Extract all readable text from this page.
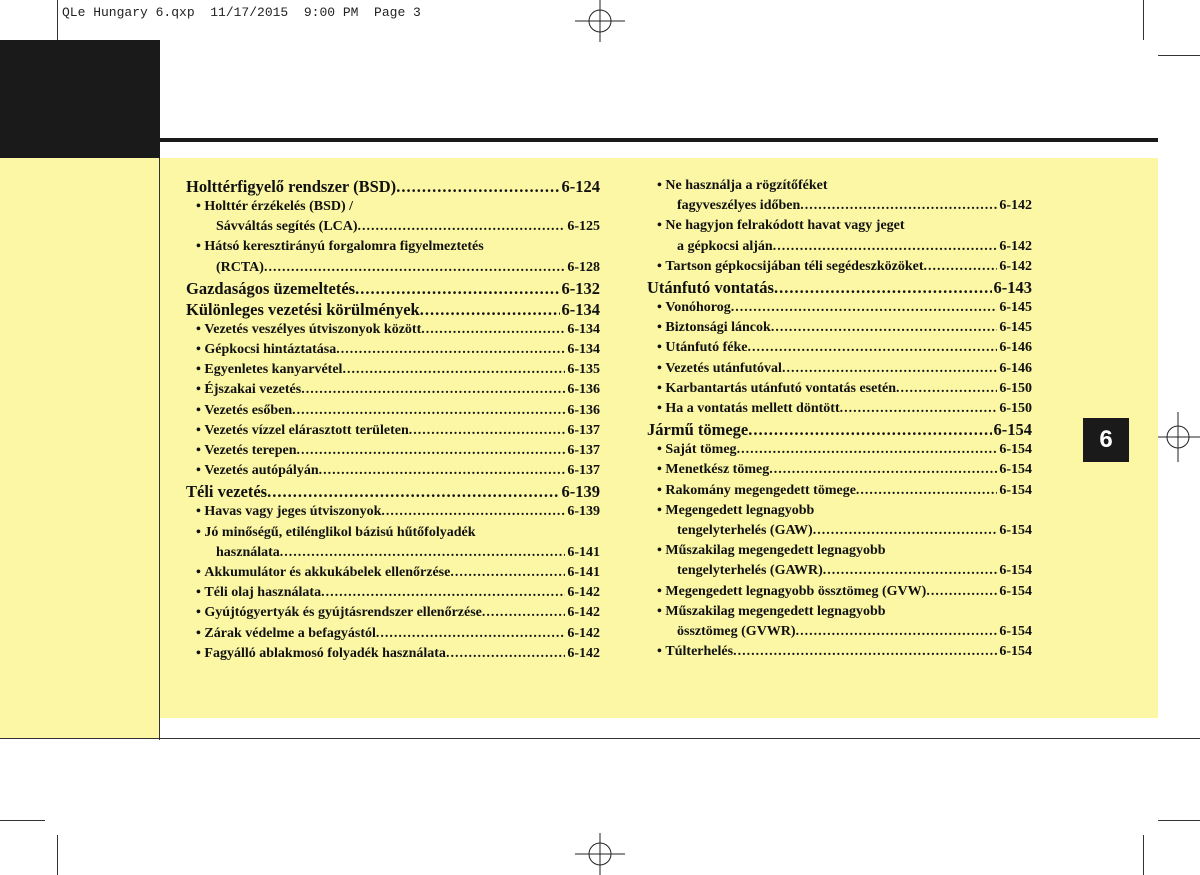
QLe Hungary 6.qxp  11/17/2015  9:00 PM  Page 3
Holttérfigyelő rendszer (BSD) .....	6-124
• Holttér érzékelés (BSD) /
Sávváltás segítés (LCA) .....	6-125
• Hátsó keresztirányú forgalomra figyelmeztetés
(RCTA) .....	6-128
Gazdaságos üzemeltetés .....	6-132
Különleges vezetési körülmények .....	6-134
• Vezetés veszélyes útviszonyok között .....	6-134
• Gépkocsi hintáztatása .....	6-134
• Egyenletes kanyarvétel .....	6-135
• Éjszakai vezetés .....	6-136
• Vezetés esőben .....	6-136
• Vezetés vízzel elárasztott területen .....	6-137
• Vezetés terepen .....	6-137
• Vezetés autópályán .....	6-137
Téli vezetés .....	6-139
• Havas vagy jeges útviszonyok .....	6-139
• Jó minőségű, etilénglikol bázisú hűtőfolyadék
használata .....	6-141
• Akkumulátor és akkukábelek ellenőrzése .....	6-141
• Téli olaj használata .....	6-142
• Gyújtógyertyák és gyújtásrendszer ellenőrzése .....	6-142
• Zárak védelme a befagyástól .....	6-142
• Fagyálló ablakmosó folyadék használata .....	6-142
• Ne használja a rögzítőféket
fagyveszélyes időben .....	6-142
• Ne hagyjon felrakódott havat vagy jeget
a gépkocsi alján .....	6-142
• Tartson gépkocsijában téli segédeszközöket .....	6-142
Utánfutó vontatás .....	6-143
• Vonóhorog .....	6-145
• Biztonsági láncok .....	6-145
• Utánfutó féke .....	6-146
• Vezetés utánfutóval .....	6-146
• Karbantartás utánfutó vontatás esetén .....	6-150
• Ha a vontatás mellett döntött .....	6-150
Jármű tömege .....	6-154
• Saját tömeg .....	6-154
• Menetkész tömeg .....	6-154
• Rakomány megengedett tömege .....	6-154
• Megengedett legnagyobb
tengelyterhelés (GAW) .....	6-154
• Műszakilag megengedett legnagyobb
tengelyterhelés (GAWR) .....	6-154
• Megengedett legnagyobb össztömeg (GVW) .....	6-154
• Műszakilag megengedett legnagyobb
össztömeg (GVWR) .....	6-154
• Túlterhelés .....	6-154
6
